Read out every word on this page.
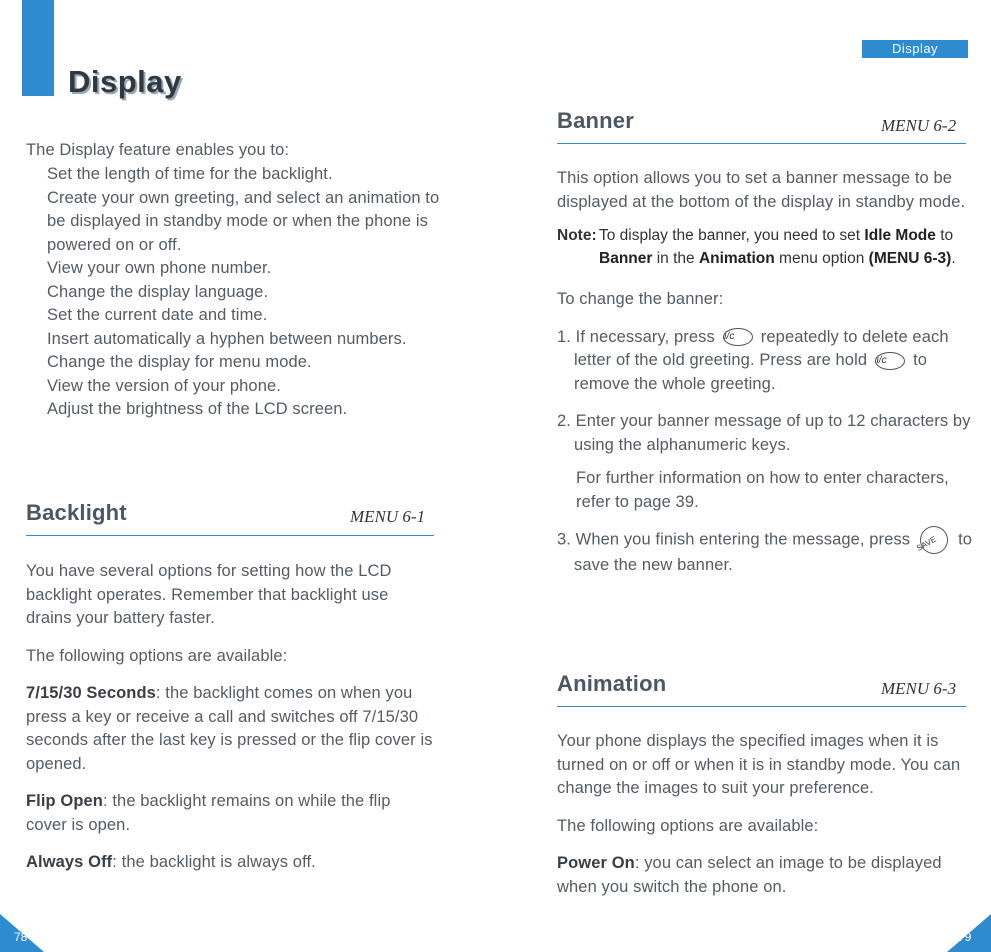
Display
The Display feature enables you to:
Set the length of time for the backlight.
Create your own greeting, and select an animation to be displayed in standby mode or when the phone is powered on or off.
View your own phone number.
Change the display language.
Set the current date and time.
Insert automatically a hyphen between numbers.
Change the display for menu mode.
View the version of your phone.
Adjust the brightness of the LCD screen.
Backlight	MENU 6-1

You have several options for setting how the LCD backlight operates. Remember that backlight use drains your battery faster.

The following options are available:

7/15/30 Seconds: the backlight comes on when you press a key or receive a call and switches off 7/15/30 seconds after the last key is pressed or the flip cover is opened.

Flip Open: the backlight remains on while the flip cover is open.

Always Off: the backlight is always off.

78
Display
Banner	MENU 6-2

This option allows you to set a banner message to be displayed at the bottom of the display in standby mode.

Note: To display the banner, you need to set Idle Mode to Banner in the Animation menu option (MENU 6-3).

To change the banner:

1. If necessary, press i/c repeatedly to delete each letter of the old greeting. Press are hold i/c to remove the whole greeting.

2. Enter your banner message of up to 12 characters by using the alphanumeric keys.

For further information on how to enter characters, refer to page 39.

3. When you finish entering the message, press SAVE to save the new banner.

Animation	MENU 6-3

Your phone displays the specified images when it is turned on or off or when it is in standby mode. You can change the images to suit your preference.

The following options are available:

Power On: you can select an image to be displayed when you switch the phone on.

79
